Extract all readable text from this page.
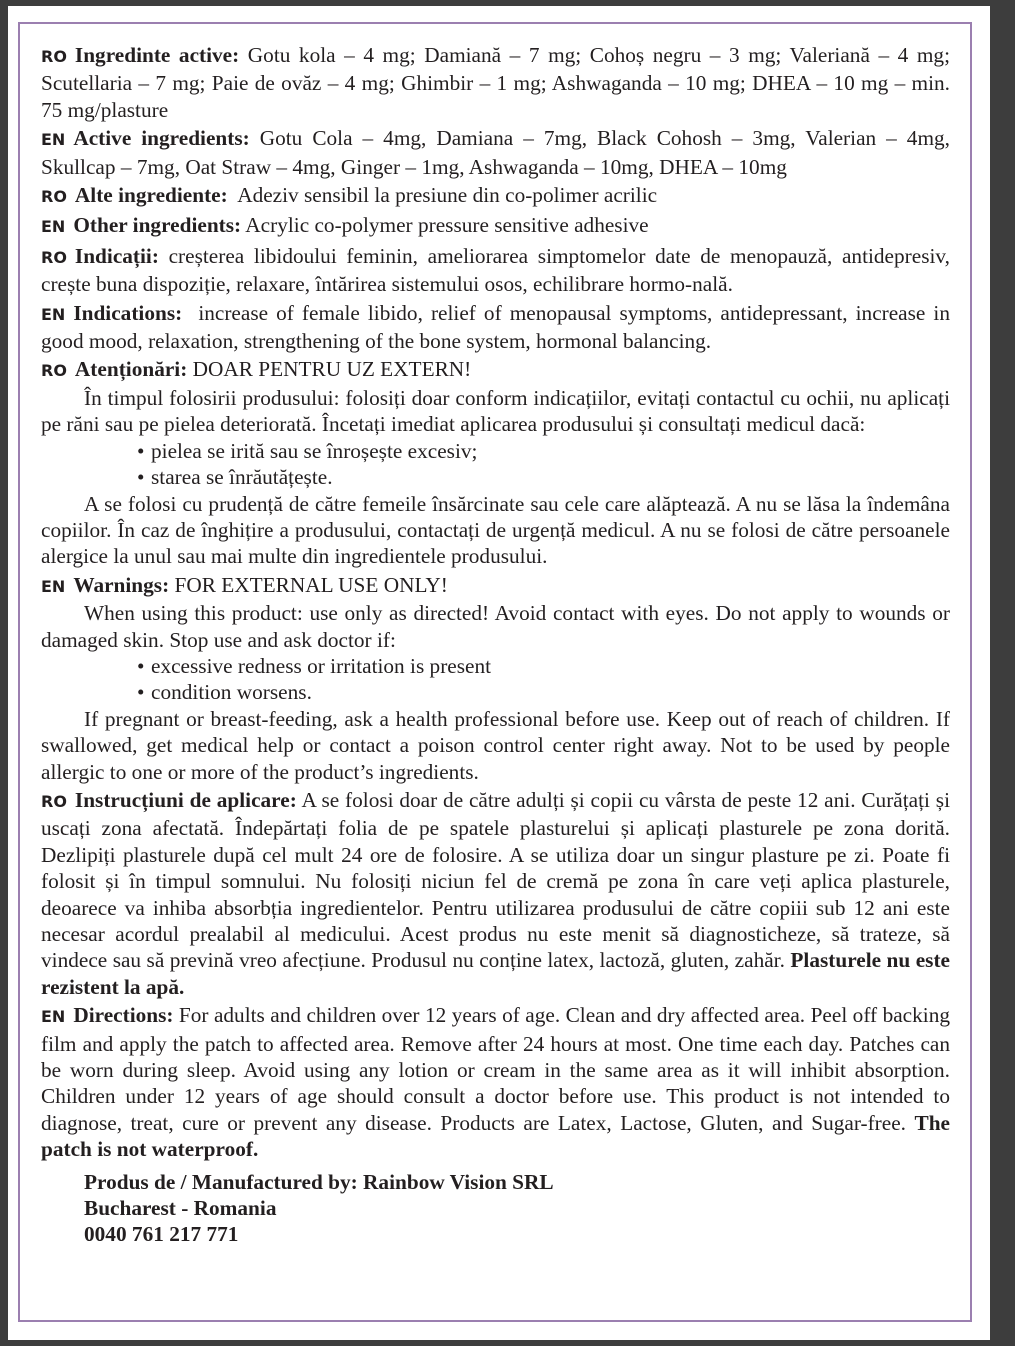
RO Ingredinte active: Gotu kola – 4 mg; Damiană – 7 mg; Cohoș negru – 3 mg; Valeriană – 4 mg; Scutellaria – 7 mg; Paie de ovăz – 4 mg; Ghimbir – 1 mg; Ashwaganda – 10 mg; DHEA – 10 mg – min. 75 mg/plasture

EN Active ingredients: Gotu Cola – 4mg, Damiana – 7mg, Black Cohosh – 3mg, Valerian – 4mg, Skullcap – 7mg, Oat Straw – 4mg, Ginger – 1mg, Ashwaganda – 10mg, DHEA – 10mg

RO Alte ingrediente:  Adeziv sensibil la presiune din co-polimer acrilic

EN Other ingredients: Acrylic co-polymer pressure sensitive adhesive

RO Indicații: creșterea libidoului feminin, ameliorarea simptomelor date de menopauză, antidepresiv, crește buna dispoziție, relaxare, întărirea sistemului osos, echilibrare hormo-nală.

EN Indications:  increase of female libido, relief of menopausal symptoms, antidepressant, increase in good mood, relaxation, strengthening of the bone system, hormonal balancing.

RO Atenționări: DOAR PENTRU UZ EXTERN!

În timpul folosirii produsului: folosiți doar conform indicațiilor, evitați contactul cu ochii, nu aplicați pe răni sau pe pielea deteriorată. Încetați imediat aplicarea produsului și consultați medicul dacă:

• pielea se irită sau se înroșește excesiv;
• starea se înrăutățește.

A se folosi cu prudență de către femeile însărcinate sau cele care alăptează. A nu se lăsa la îndemâna copiilor. În caz de înghițire a produsului, contactați de urgență medicul. A nu se folosi de către persoanele alergice la unul sau mai multe din ingredientele produsului.

EN Warnings: FOR EXTERNAL USE ONLY!

When using this product: use only as directed! Avoid contact with eyes. Do not apply to wounds or damaged skin. Stop use and ask doctor if:

• excessive redness or irritation is present
• condition worsens.

If pregnant or breast-feeding, ask a health professional before use. Keep out of reach of children. If swallowed, get medical help or contact a poison control center right away. Not to be used by people allergic to one or more of the product’s ingredients.

RO Instrucțiuni de aplicare: A se folosi doar de către adulți și copii cu vârsta de peste 12 ani. Curățați și uscați zona afectată. Îndepărtați folia de pe spatele plasturelui și aplicați plasturele pe zona dorită. Dezlipiți plasturele după cel mult 24 ore de folosire. A se utiliza doar un singur plasture pe zi. Poate fi folosit și în timpul somnului. Nu folosiți niciun fel de cremă pe zona în care veți aplica plasturele, deoarece va inhiba absorbția ingredientelor. Pentru utilizarea produsului de către copiii sub 12 ani este necesar acordul prealabil al medicului. Acest produs nu este menit să diagnosticheze, să trateze, să vindece sau să prevină vreo afecțiune. Produsul nu conține latex, lactoză, gluten, zahăr. Plasturele nu este rezistent la apă.

EN Directions: For adults and children over 12 years of age. Clean and dry affected area. Peel off backing film and apply the patch to affected area. Remove after 24 hours at most. One time each day. Patches can be worn during sleep. Avoid using any lotion or cream in the same area as it will inhibit absorption. Children under 12 years of age should consult a doctor before use. This product is not intended to diagnose, treat, cure or prevent any disease. Products are Latex, Lactose, Gluten, and Sugar-free. The patch is not waterproof.

Produs de / Manufactured by: Rainbow Vision SRL
Bucharest - Romania
0040 761 217 771
